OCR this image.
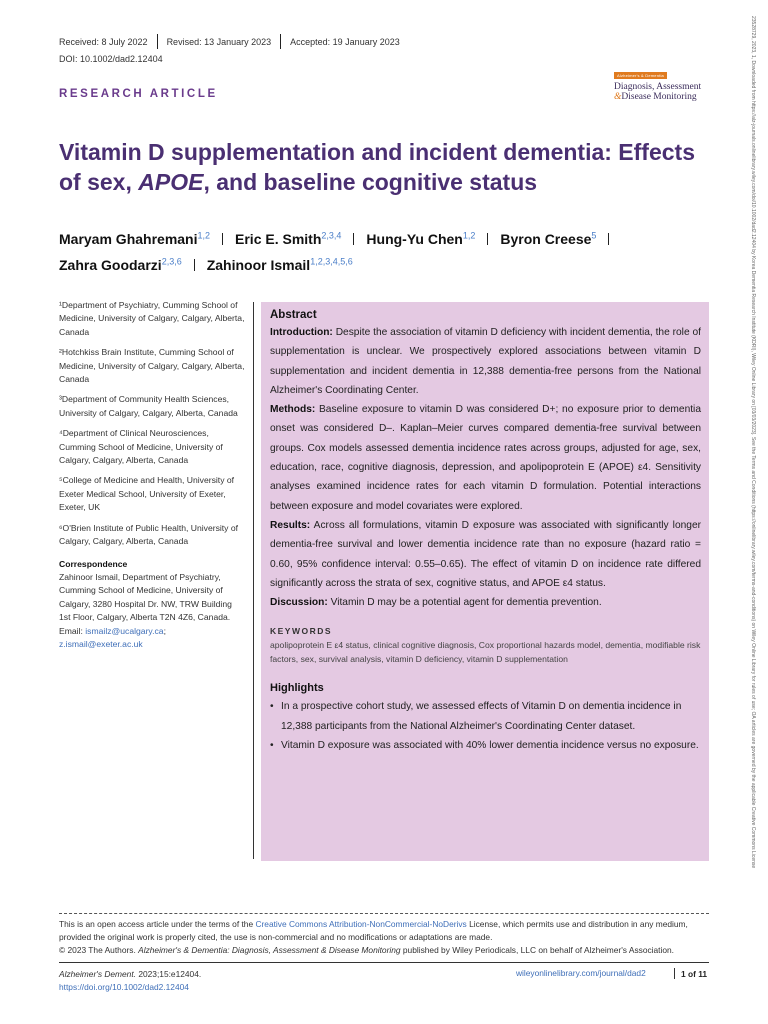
Received: 8 July 2022 Revised: 13 January 2023 Accepted: 19 January 2023
DOI: 10.1002/dad2.12404
Alzheimer's & Dementia
Diagnosis, Assessment
&Disease Monitoring
RESEARCH ARTICLE
Vitamin D supplementation and incident dementia: Effects of sex, APOE, and baseline cognitive status
Maryam Ghahremani$^{1,2}$ Eric E. Smith$^{2,3,4}$ Hung-Yu Chen$^{1,2}$ Byron Creese$^5$
Zahra Goodarzi$^{2,3,6}$ Zahinoor Ismail$^{1,2,3,4,5,6}$

¹Department of Psychiatry, Cumming School of Medicine, University of Calgary, Calgary, Alberta, Canada

²Hotchkiss Brain Institute, Cumming School of Medicine, University of Calgary, Calgary, Alberta, Canada

³Department of Community Health Sciences, University of Calgary, Calgary, Alberta, Canada

⁴Department of Clinical Neurosciences, Cumming School of Medicine, University of Calgary, Calgary, Alberta, Canada

⁵College of Medicine and Health, University of Exeter Medical School, University of Exeter, Exeter, UK

⁶O'Brien Institute of Public Health, University of Calgary, Calgary, Alberta, Canada

Correspondence
Zahinoor Ismail, Department of Psychiatry, Cumming School of Medicine, University of Calgary, 3280 Hospital Dr. NW, TRW Building 1st Floor, Calgary, Alberta T2N 4Z6, Canada.
Email: ismailz@ucalgary.ca;
z.ismail@exeter.ac.uk
Abstract
Introduction: Despite the association of vitamin D deficiency with incident dementia, the role of supplementation is unclear. We prospectively explored associations between vitamin D supplementation and incident dementia in 12,388 dementia-free persons from the National Alzheimer's Coordinating Center.
Methods: Baseline exposure to vitamin D was considered D+; no exposure prior to dementia onset was considered D–. Kaplan–Meier curves compared dementia-free survival between groups. Cox models assessed dementia incidence rates across groups, adjusted for age, sex, education, race, cognitive diagnosis, depression, and apolipoprotein E (APOE) ε4. Sensitivity analyses examined incidence rates for each vitamin D formulation. Potential interactions between exposure and model covariates were explored.
Results: Across all formulations, vitamin D exposure was associated with significantly longer dementia-free survival and lower dementia incidence rate than no exposure (hazard ratio = 0.60, 95% confidence interval: 0.55–0.65). The effect of vitamin D on incidence rate differed significantly across the strata of sex, cognitive status, and APOE ε4 status.
Discussion: Vitamin D may be a potential agent for dementia prevention.
KEYWORDS
apolipoprotein E ε4 status, clinical cognitive diagnosis, Cox proportional hazards model, dementia, modifiable risk factors, sex, survival analysis, vitamin D deficiency, vitamin D supplementation
Highlights
• In a prospective cohort study, we assessed effects of Vitamin D on dementia incidence in 12,388 participants from the National Alzheimer's Coordinating Center dataset.
• Vitamin D exposure was associated with 40% lower dementia incidence versus no exposure.
This is an open access article under the terms of the Creative Commons Attribution-NonCommercial-NoDerivs License, which permits use and distribution in any medium, provided the original work is properly cited, the use is non-commercial and no modifications or adaptations are made.
© 2023 The Authors. Alzheimer's & Dementia: Diagnosis, Assessment & Disease Monitoring published by Wiley Periodicals, LLC on behalf of Alzheimer's Association.
Alzheimer's Dement. 2023;15:e12404.
https://doi.org/10.1002/dad2.12404
wileyonlinelibrary.com/journal/dad2	1 of 11
23528729, 2023, 1, Downloaded from https://alz-journals.onlinelibrary.wiley.com/doi/10.1002/dad2.12404 by Korea Dementia Research Institute (KDRI), Wiley Online Library on [03/03/2023]. See the Terms and Conditions (https://onlinelibrary.wiley.com/terms-and-conditions) on Wiley Online Library for rules of use; OA articles are governed by the applicable Creative Commons License
